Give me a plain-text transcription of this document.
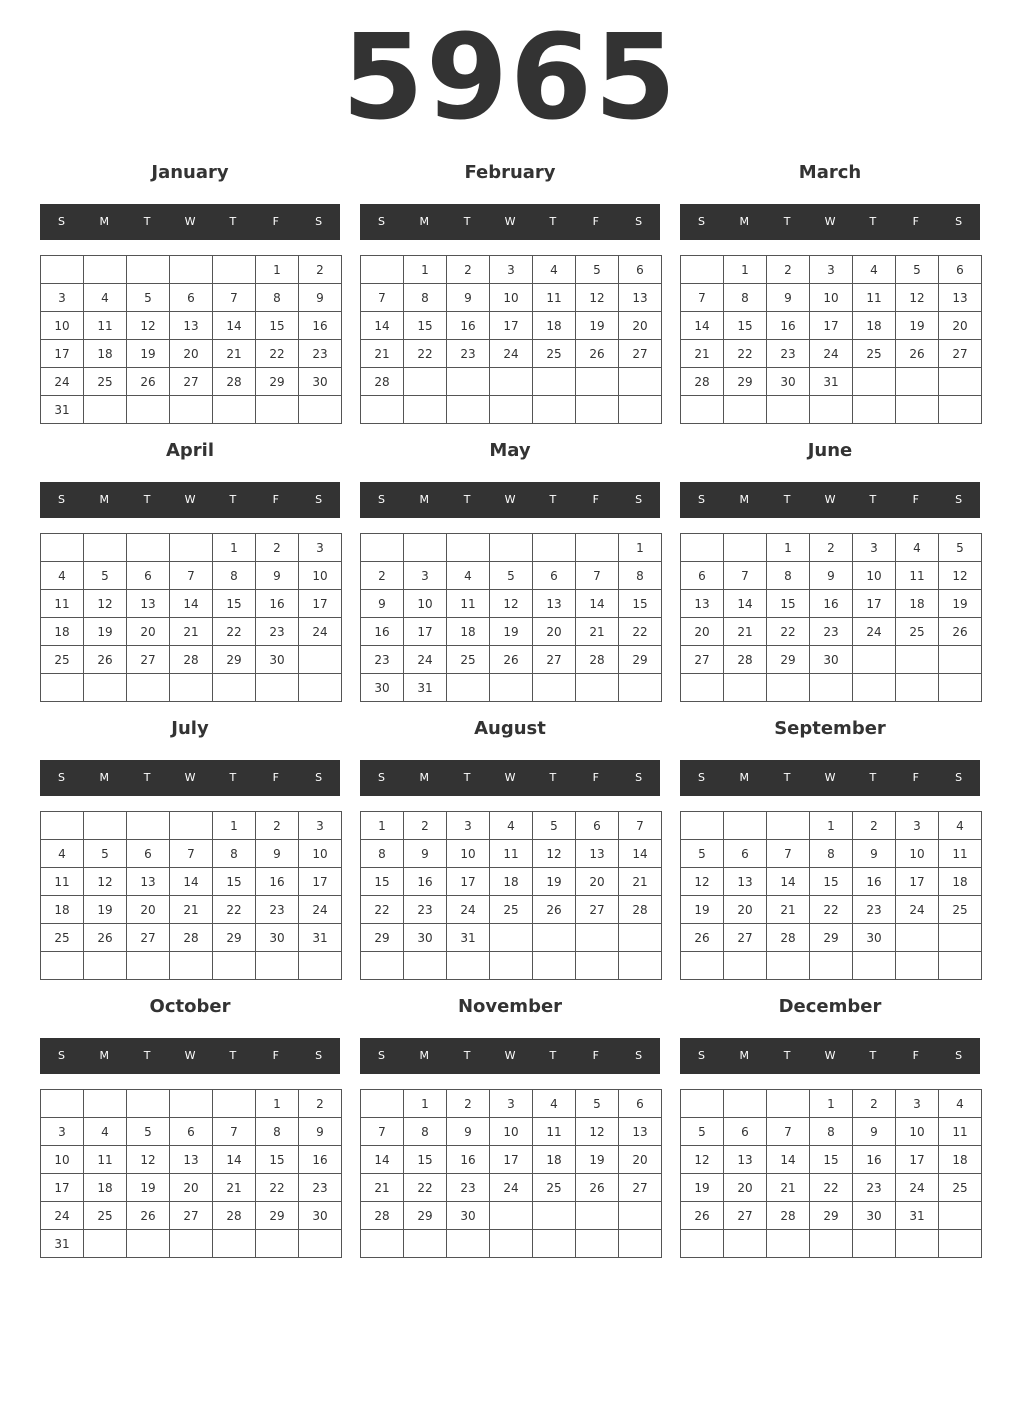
5965
January
S	M	T	W	T	F	S
					1	2
3	4	5	6	7	8	9
10	11	12	13	14	15	16
17	18	19	20	21	22	23
24	25	26	27	28	29	30
31						
February
S	M	T	W	T	F	S
	1	2	3	4	5	6
7	8	9	10	11	12	13
14	15	16	17	18	19	20
21	22	23	24	25	26	27
28						

March
S	M	T	W	T	F	S
	1	2	3	4	5	6
7	8	9	10	11	12	13
14	15	16	17	18	19	20
21	22	23	24	25	26	27
28	29	30	31			

April
S	M	T	W	T	F	S
				1	2	3
4	5	6	7	8	9	10
11	12	13	14	15	16	17
18	19	20	21	22	23	24
25	26	27	28	29	30	

May
S	M	T	W	T	F	S
						1
2	3	4	5	6	7	8
9	10	11	12	13	14	15
16	17	18	19	20	21	22
23	24	25	26	27	28	29
30	31					
June
S	M	T	W	T	F	S
		1	2	3	4	5
6	7	8	9	10	11	12
13	14	15	16	17	18	19
20	21	22	23	24	25	26
27	28	29	30			

July
S	M	T	W	T	F	S
				1	2	3
4	5	6	7	8	9	10
11	12	13	14	15	16	17
18	19	20	21	22	23	24
25	26	27	28	29	30	31

August
S	M	T	W	T	F	S
1	2	3	4	5	6	7
8	9	10	11	12	13	14
15	16	17	18	19	20	21
22	23	24	25	26	27	28
29	30	31				

September
S	M	T	W	T	F	S
			1	2	3	4
5	6	7	8	9	10	11
12	13	14	15	16	17	18
19	20	21	22	23	24	25
26	27	28	29	30		

October
S	M	T	W	T	F	S
					1	2
3	4	5	6	7	8	9
10	11	12	13	14	15	16
17	18	19	20	21	22	23
24	25	26	27	28	29	30
31						
November
S	M	T	W	T	F	S
	1	2	3	4	5	6
7	8	9	10	11	12	13
14	15	16	17	18	19	20
21	22	23	24	25	26	27
28	29	30				

December
S	M	T	W	T	F	S
			1	2	3	4
5	6	7	8	9	10	11
12	13	14	15	16	17	18
19	20	21	22	23	24	25
26	27	28	29	30	31	
